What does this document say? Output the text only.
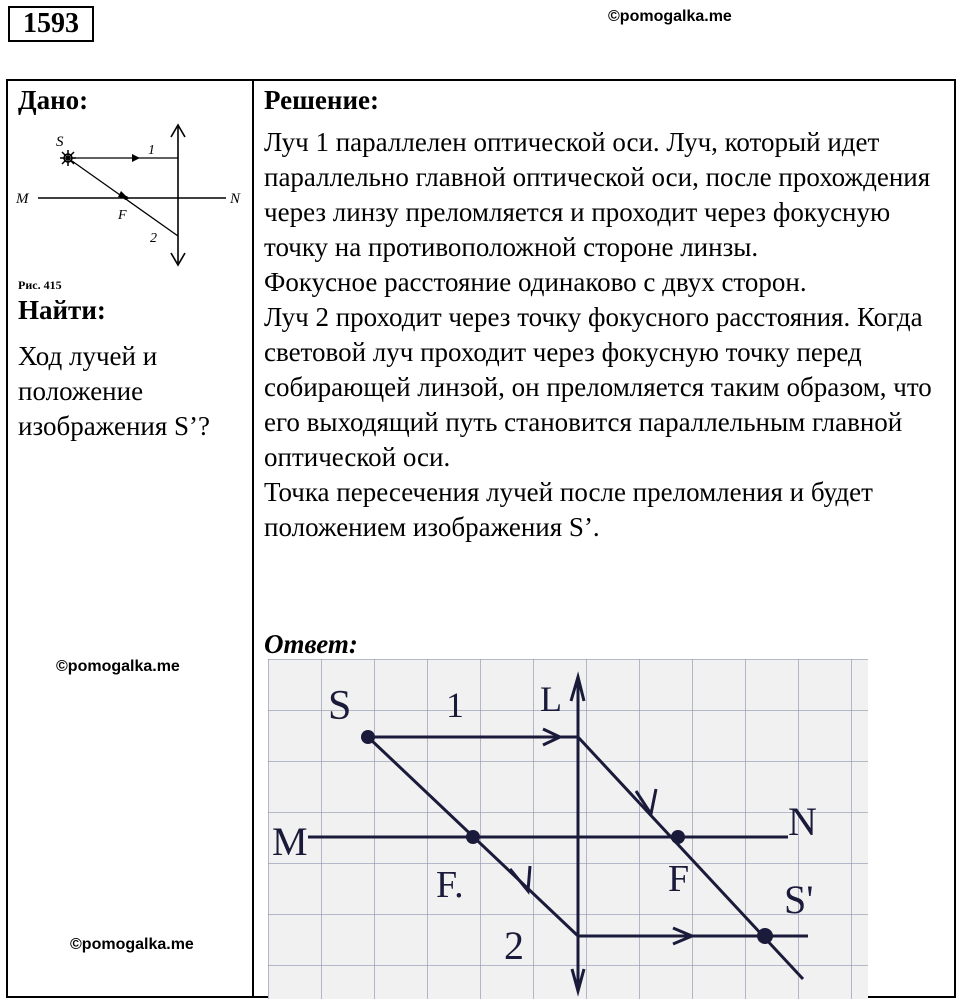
1593	©pomogalka.me
Дано:
S
M	N
1
F
2
Рис. 415
Найти:
Ход лучей и положение изображения S’?
©pomogalka.me
©pomogalka.me

Решение:

Луч 1 параллелен оптической оси. Луч, который идет параллельно главной оптической оси, после прохождения через линзу преломляется и проходит через фокусную точку на противоположной стороне линзы.

Фокусное расстояние одинаково с двух сторон.

Луч 2 проходит через точку фокусного расстояния. Когда световой луч проходит через фокусную точку перед собирающей линзой, он преломляется таким образом, что его выходящий путь становится параллельным главной оптической оси.

Точка пересечения лучей после преломления и будет положением изображения S’.

Ответ:
S	1 L
M	N
F.	F
2
S'
